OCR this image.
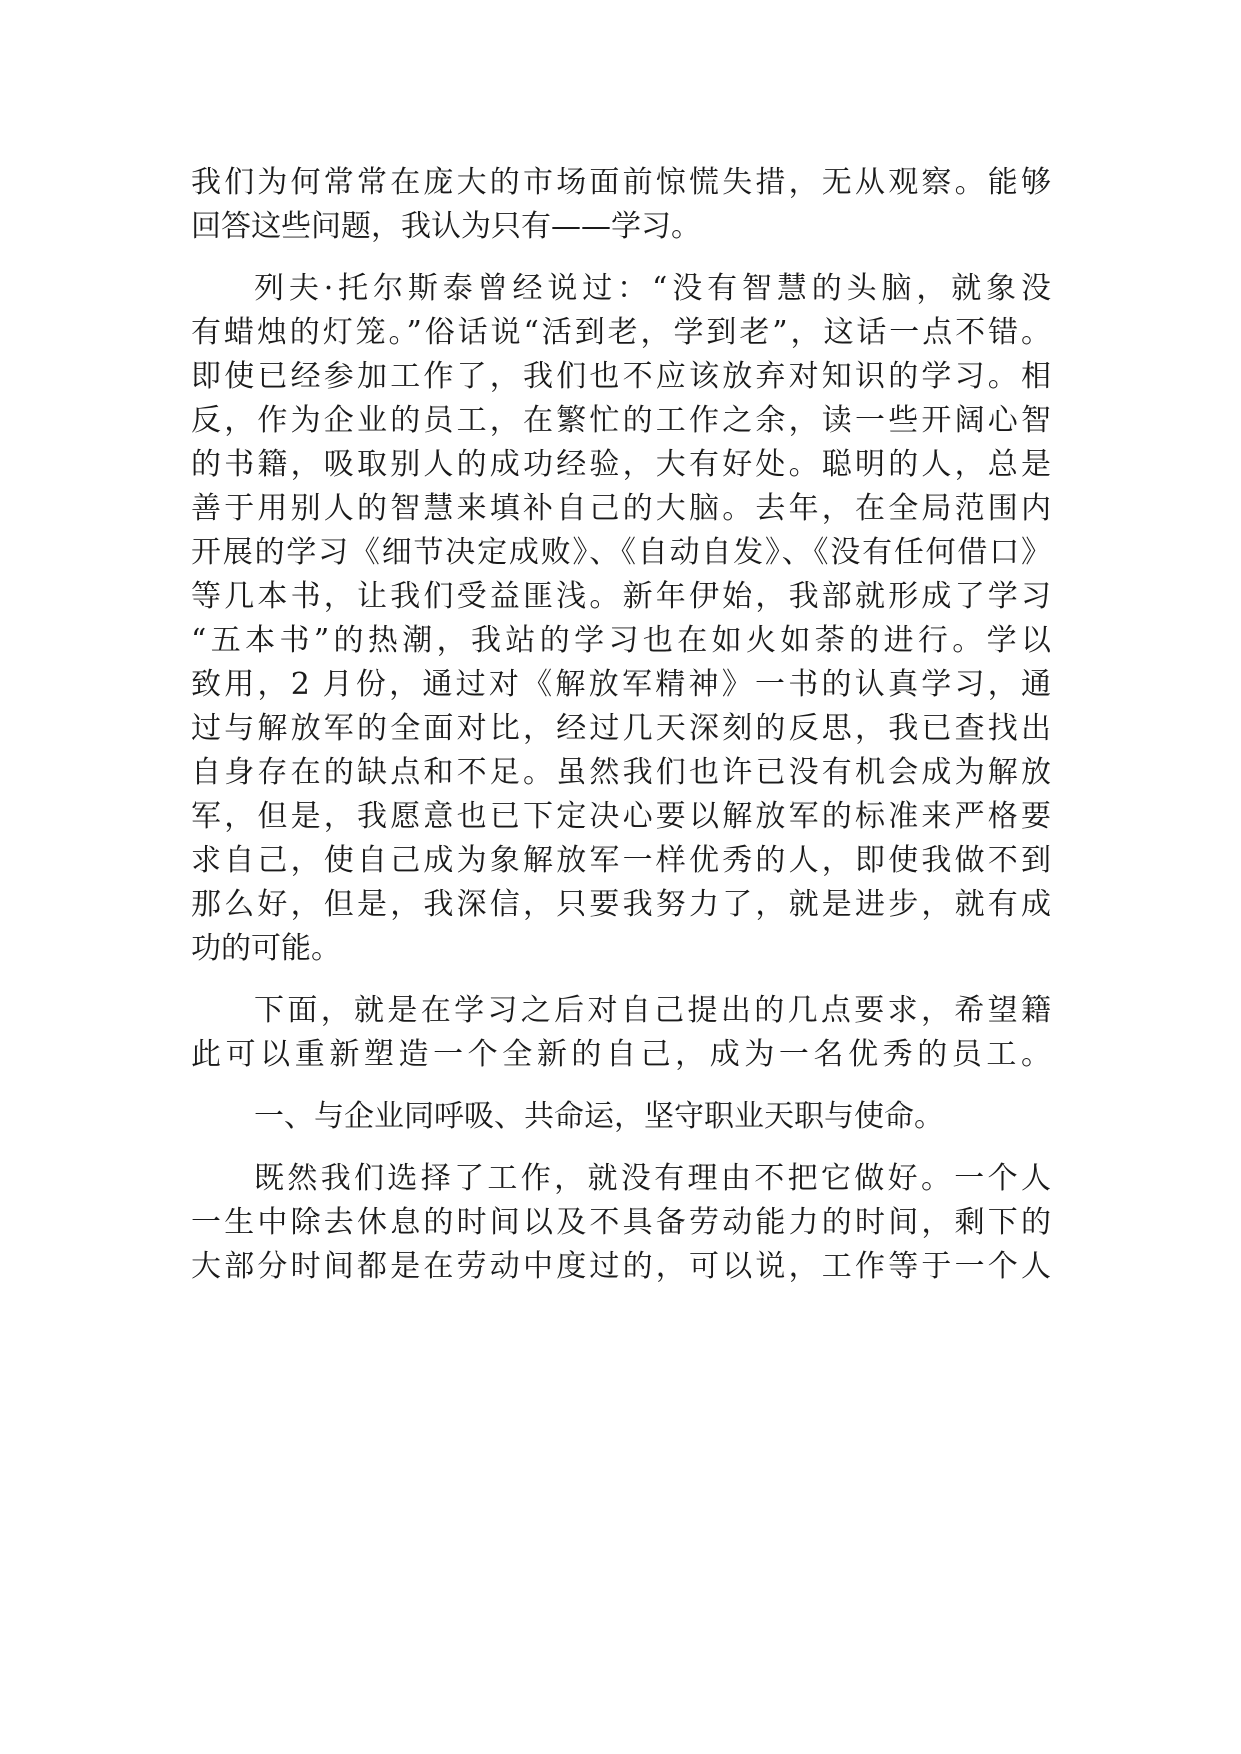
我们为何常常在庞大的市场面前惊慌失措，无从观察。能够
回答这些问题，我认为只有——学习。
列夫·托尔斯泰曾经说过：“没有智慧的头脑，就象没
有蜡烛的灯笼。”俗话说“活到老，学到老”，这话一点不错。
即使已经参加工作了，我们也不应该放弃对知识的学习。相
反，作为企业的员工，在繁忙的工作之余，读一些开阔心智
的书籍，吸取别人的成功经验，大有好处。聪明的人，总是
善于用别人的智慧来填补自己的大脑。去年，在全局范围内
开展的学习《细节决定成败》、《自动自发》、《没有任何借口》
等几本书，让我们受益匪浅。新年伊始，我部就形成了学习
“五本书”的热潮，我站的学习也在如火如荼的进行。学以
致用，2 月份，通过对《解放军精神》一书的认真学习，通
过与解放军的全面对比，经过几天深刻的反思，我已查找出
自身存在的缺点和不足。虽然我们也许已没有机会成为解放
军，但是，我愿意也已下定决心要以解放军的标准来严格要
求自己，使自己成为象解放军一样优秀的人，即使我做不到
那么好，但是，我深信，只要我努力了，就是进步，就有成
功的可能。
下面，就是在学习之后对自己提出的几点要求，希望籍
此可以重新塑造一个全新的自己，成为一名优秀的员工。
一、与企业同呼吸、共命运，坚守职业天职与使命。
既然我们选择了工作，就没有理由不把它做好。一个人
一生中除去休息的时间以及不具备劳动能力的时间，剩下的
大部分时间都是在劳动中度过的，可以说，工作等于一个人
